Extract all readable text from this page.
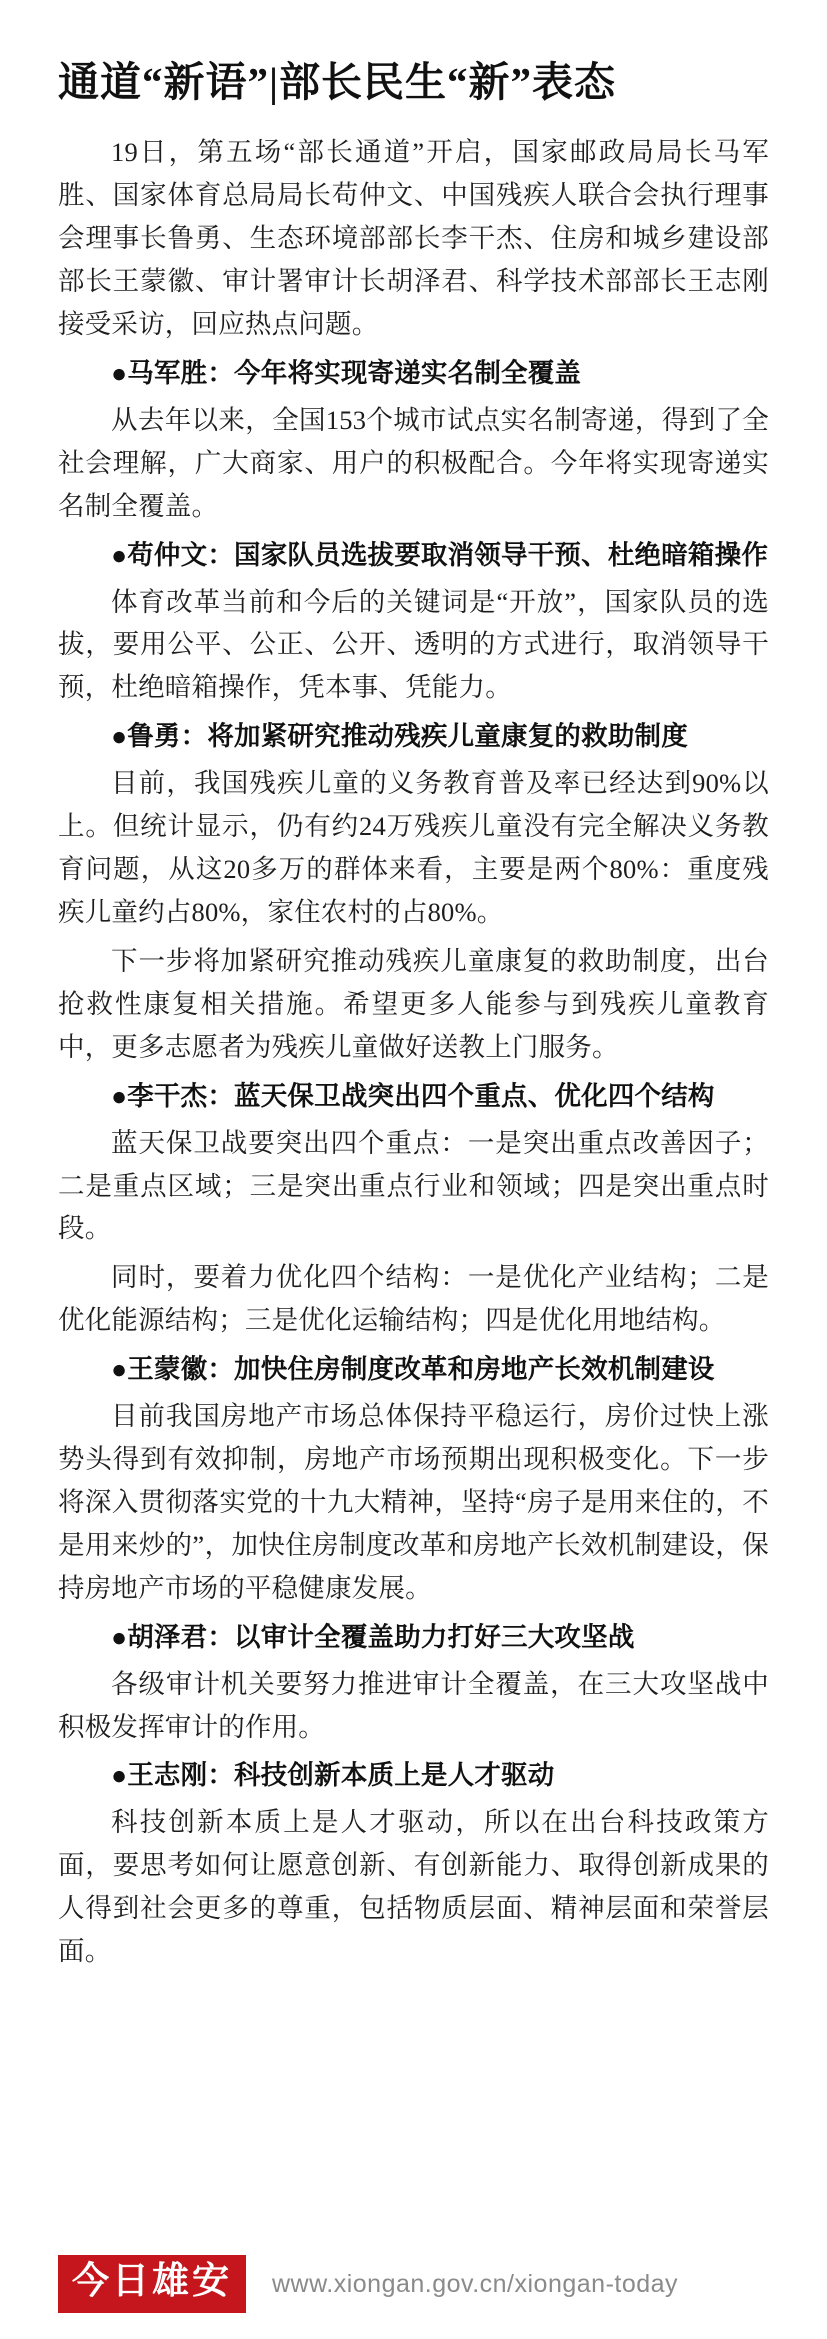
通道“新语”|部长民生“新”表态

19日，第五场“部长通道”开启，国家邮政局局长马军胜、国家体育总局局长苟仲文、中国残疾人联合会执行理事会理事长鲁勇、生态环境部部长李干杰、住房和城乡建设部部长王蒙徽、审计署审计长胡泽君、科学技术部部长王志刚接受采访，回应热点问题。

●马军胜：今年将实现寄递实名制全覆盖

从去年以来，全国153个城市试点实名制寄递，得到了全社会理解，广大商家、用户的积极配合。今年将实现寄递实名制全覆盖。

●苟仲文：国家队员选拔要取消领导干预、杜绝暗箱操作

体育改革当前和今后的关键词是“开放”，国家队员的选拔，要用公平、公正、公开、透明的方式进行，取消领导干预，杜绝暗箱操作，凭本事、凭能力。

●鲁勇：将加紧研究推动残疾儿童康复的救助制度

目前，我国残疾儿童的义务教育普及率已经达到90%以上。但统计显示，仍有约24万残疾儿童没有完全解决义务教育问题，从这20多万的群体来看，主要是两个80%：重度残疾儿童约占80%，家住农村的占80%。

下一步将加紧研究推动残疾儿童康复的救助制度，出台抢救性康复相关措施。希望更多人能参与到残疾儿童教育中，更多志愿者为残疾儿童做好送教上门服务。

●李干杰：蓝天保卫战突出四个重点、优化四个结构

蓝天保卫战要突出四个重点：一是突出重点改善因子；二是重点区域；三是突出重点行业和领域；四是突出重点时段。

同时，要着力优化四个结构：一是优化产业结构；二是优化能源结构；三是优化运输结构；四是优化用地结构。

●王蒙徽：加快住房制度改革和房地产长效机制建设

目前我国房地产市场总体保持平稳运行，房价过快上涨势头得到有效抑制，房地产市场预期出现积极变化。下一步将深入贯彻落实党的十九大精神，坚持“房子是用来住的，不是用来炒的”，加快住房制度改革和房地产长效机制建设，保持房地产市场的平稳健康发展。

●胡泽君：以审计全覆盖助力打好三大攻坚战

各级审计机关要努力推进审计全覆盖，在三大攻坚战中积极发挥审计的作用。

●王志刚：科技创新本质上是人才驱动

科技创新本质上是人才驱动，所以在出台科技政策方面，要思考如何让愿意创新、有创新能力、取得创新成果的人得到社会更多的尊重，包括物质层面、精神层面和荣誉层面。

今日雄安	www.xiongan.gov.cn/xiongan-today
